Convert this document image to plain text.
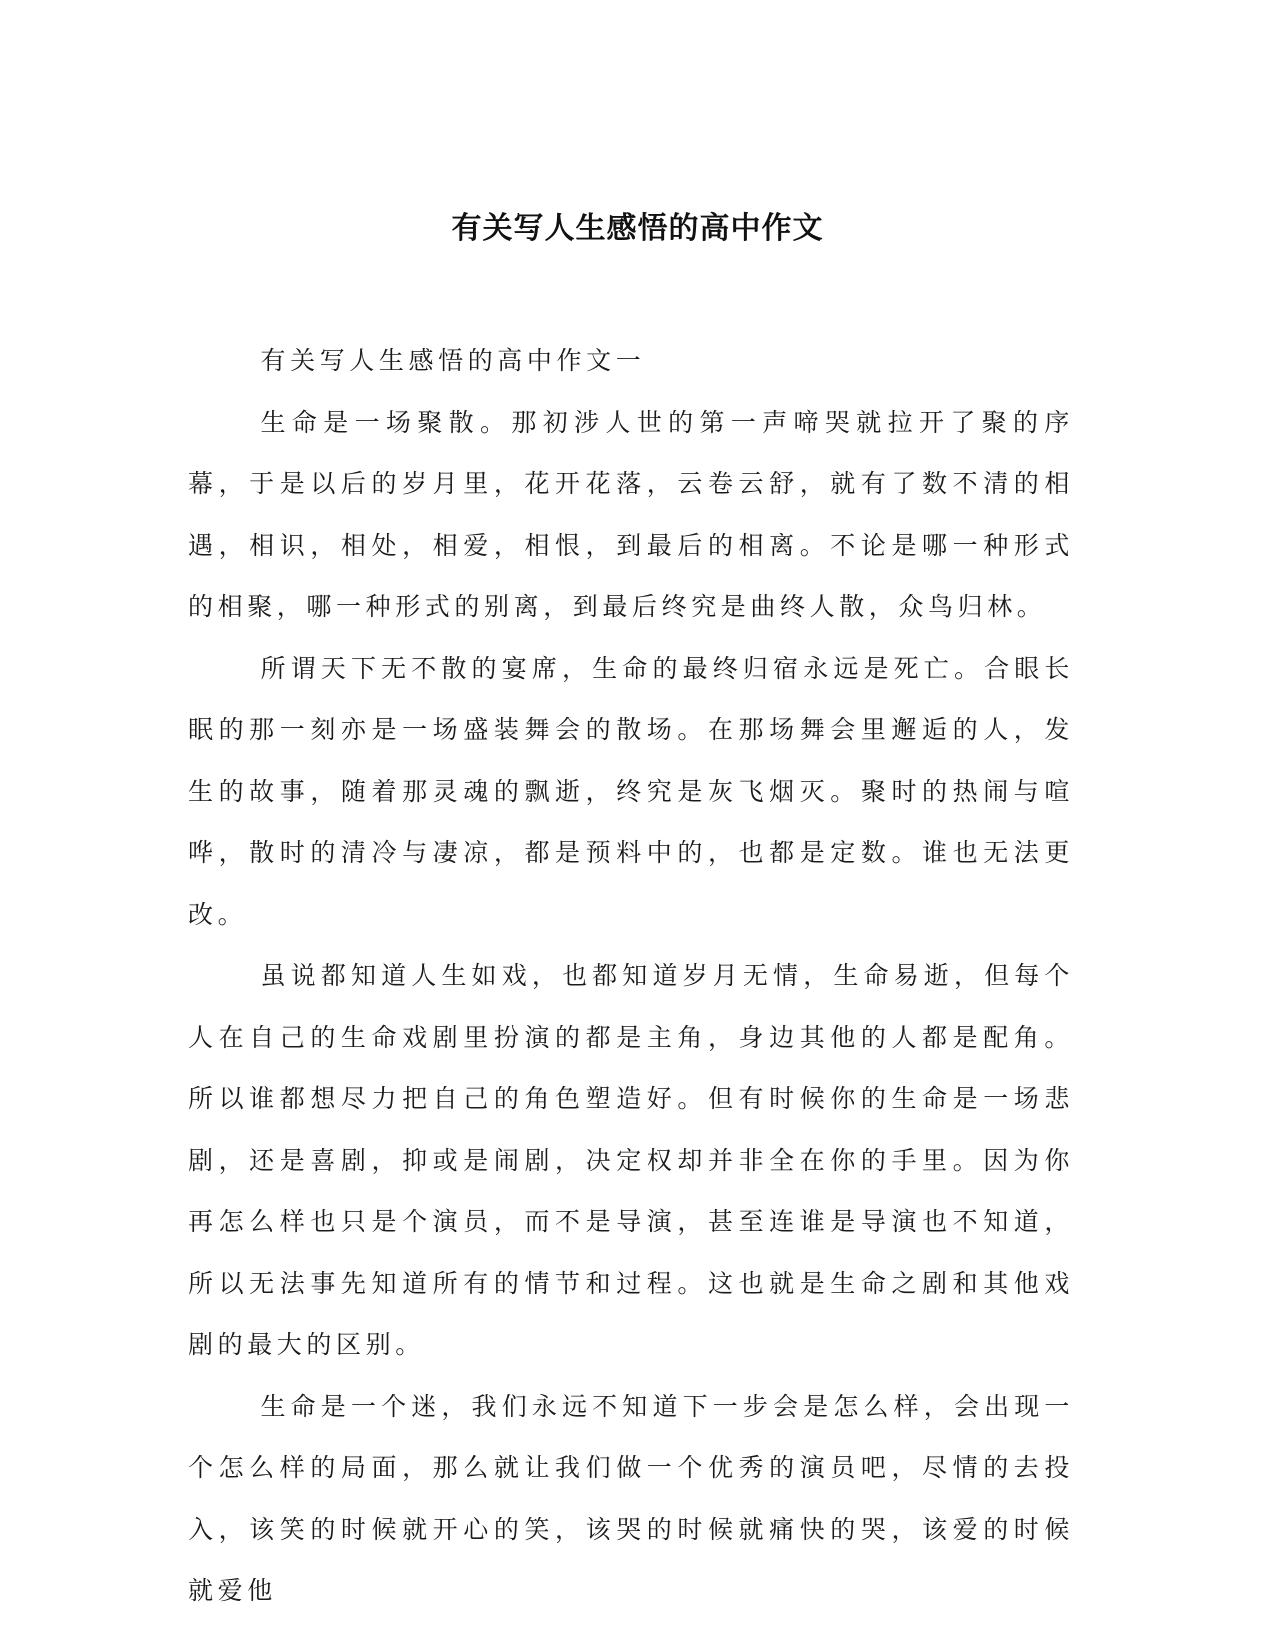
有关写人生感悟的高中作文

有关写人生感悟的高中作文一

生命是一场聚散。那初涉人世的第一声啼哭就拉开了聚的序幕，于是以后的岁月里，花开花落，云卷云舒，就有了数不清的相遇，相识，相处，相爱，相恨，到最后的相离。不论是哪一种形式的相聚，哪一种形式的别离，到最后终究是曲终人散，众鸟归林。

所谓天下无不散的宴席，生命的最终归宿永远是死亡。合眼长眠的那一刻亦是一场盛装舞会的散场。在那场舞会里邂逅的人，发生的故事，随着那灵魂的飘逝，终究是灰飞烟灭。聚时的热闹与喧哗，散时的清冷与凄凉，都是预料中的，也都是定数。谁也无法更改。

虽说都知道人生如戏，也都知道岁月无情，生命易逝，但每个人在自己的生命戏剧里扮演的都是主角，身边其他的人都是配角。所以谁都想尽力把自己的角色塑造好。但有时候你的生命是一场悲剧，还是喜剧，抑或是闹剧，决定权却并非全在你的手里。因为你再怎么样也只是个演员，而不是导演，甚至连谁是导演也不知道，所以无法事先知道所有的情节和过程。这也就是生命之剧和其他戏剧的最大的区别。

生命是一个迷，我们永远不知道下一步会是怎么样，会出现一个怎么样的局面，那么就让我们做一个优秀的演员吧，尽情的去投入，该笑的时候就开心的笑，该哭的时候就痛快的哭，该爱的时候就爱他
